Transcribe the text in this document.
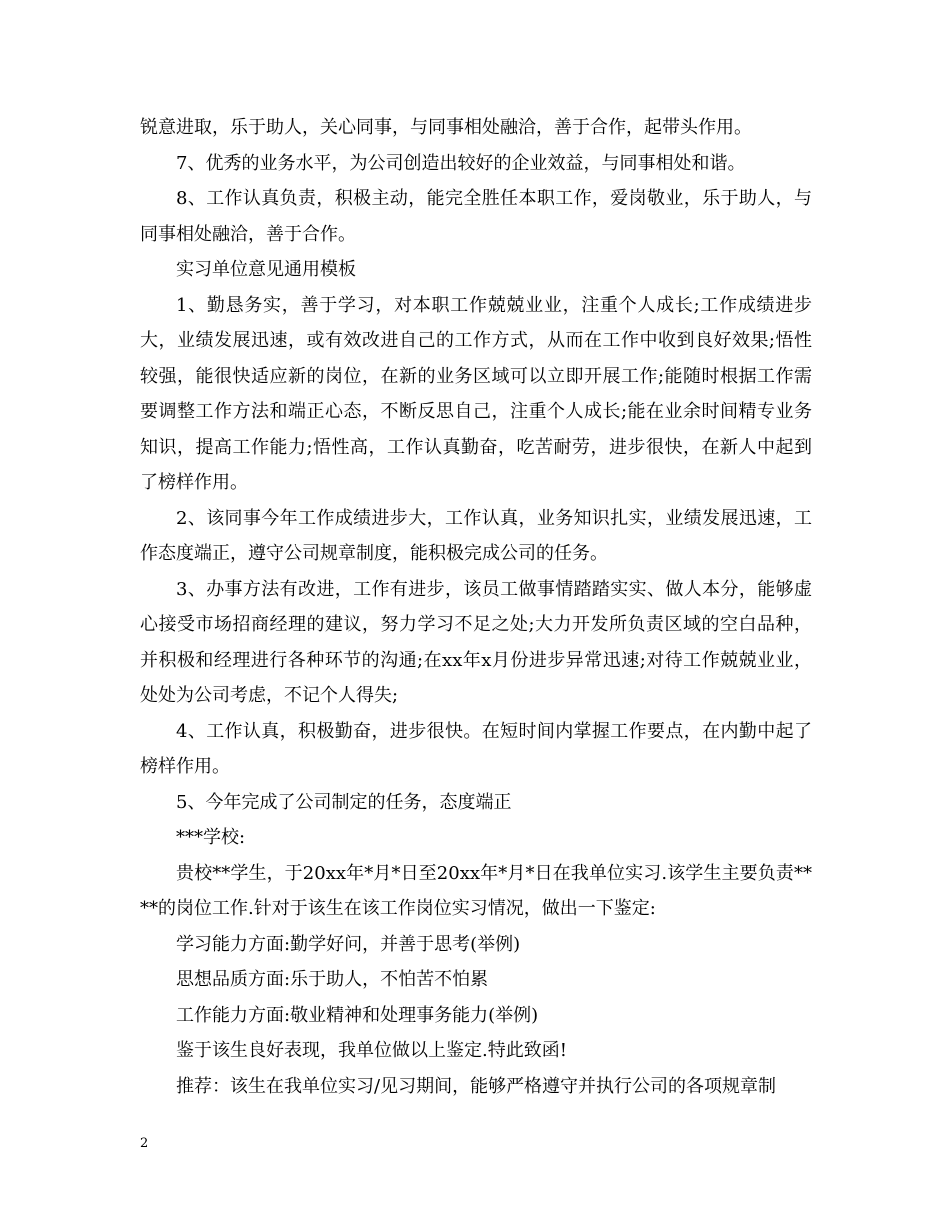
锐意进取，乐于助人，关心同事，与同事相处融洽，善于合作，起带头作用。

7、优秀的业务水平，为公司创造出较好的企业效益，与同事相处和谐。

8、工作认真负责，积极主动，能完全胜任本职工作，爱岗敬业，乐于助人，与同事相处融洽，善于合作。

实习单位意见通用模板

1、勤恳务实，善于学习，对本职工作兢兢业业，注重个人成长;工作成绩进步大，业绩发展迅速，或有效改进自己的工作方式，从而在工作中收到良好效果;悟性较强，能很快适应新的岗位，在新的业务区域可以立即开展工作;能随时根据工作需要调整工作方法和端正心态，不断反思自己，注重个人成长;能在业余时间精专业务知识，提高工作能力;悟性高，工作认真勤奋，吃苦耐劳，进步很快，在新人中起到了榜样作用。

2、该同事今年工作成绩进步大，工作认真，业务知识扎实，业绩发展迅速，工作态度端正，遵守公司规章制度，能积极完成公司的任务。

3、办事方法有改进，工作有进步，该员工做事情踏踏实实、做人本分，能够虚心接受市场招商经理的建议，努力学习不足之处;大力开发所负责区域的空白品种，并积极和经理进行各种环节的沟通;在xx年x月份进步异常迅速;对待工作兢兢业业，处处为公司考虑，不记个人得失;

4、工作认真，积极勤奋，进步很快。在短时间内掌握工作要点，在内勤中起了榜样作用。

5、今年完成了公司制定的任务，态度端正

***学校:

贵校**学生，于20xx年*月*日至20xx年*月*日在我单位实习.该学生主要负责****的岗位工作.针对于该生在该工作岗位实习情况，做出一下鉴定:

学习能力方面:勤学好问，并善于思考(举例)

思想品质方面:乐于助人，不怕苦不怕累

工作能力方面:敬业精神和处理事务能力(举例)

鉴于该生良好表现，我单位做以上鉴定.特此致函!

推荐：该生在我单位实习/见习期间，能够严格遵守并执行公司的各项规章制

2
